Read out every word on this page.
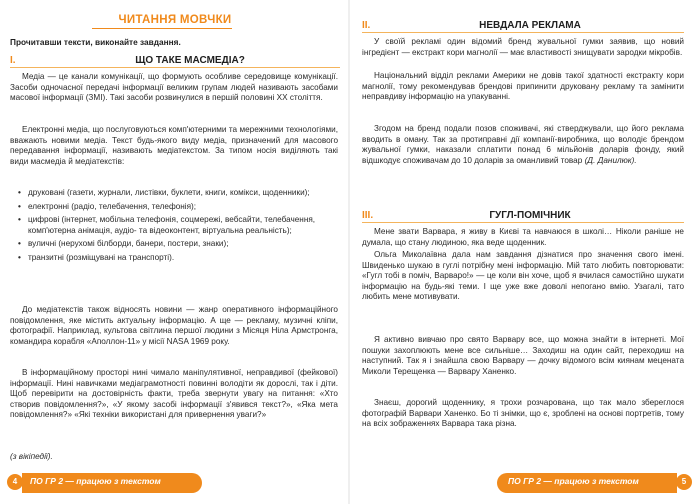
ЧИТАННЯ МОВЧКИ
Прочитавши тексти, виконайте завдання.
I.	ЩО ТАКЕ МАСМЕДІА?

Медіа — це канали комунікації, що формують особливе середовище комунікації. Засоби одночасної передачі інформації великим групам людей називають засобами масової інформації (ЗМІ). Такі засоби розвинулися в першій половині XX століття.

Електронні медіа, що послуговуються комп'ютерними та мережними технологіями, вважають новими медіа. Текст будь-якого виду медіа, призначений для масового передавання інформації, називають медіатекстом. За типом носія виділяють такі види масмедіа й медіатекстів:

• друковані (газети, журнали, листівки, буклети, книги, комікси, щоденники);
• електронні (радіо, телебачення, телефонія);
• цифрові (інтернет, мобільна телефонія, соцмережі, вебсайти, телебачення, комп'ютерна анімація, аудіо- та відеоконтент, віртуальна реальність);
• вуличні (нерухомі білборди, банери, постери, знаки);
• транзитні (розміщувані на транспорті).

До медіатекстів також відносять новини — жанр оперативного інформаційного повідомлення, яке містить актуальну інформацію. А ще — рекламу, музичні кліпи, фотографії. Наприклад, культова світлина першої людини з Місяця Ніла Армстронга, командира корабля «Аполлон-11» у місії NASA 1969 року.

В інформаційному просторі нині чимало маніпулятивної, неправдивої (фейкової) інформації. Нині навичками медіаграмотності повинні володіти як дорослі, так і діти. Щоб перевірити на достовірність факти, треба звернути увагу на питання: «Хто створив повідомлення?», «У якому засобі інформації з'явився текст?», «Яка мета повідомлення?» «Які техніки використані для привернення уваги?»

(з вікіпедії).

II.	НЕВДАЛА РЕКЛАМА

У своїй рекламі один відомий бренд жувальної гумки заявив, що новий інгредієнт — екстракт кори магнолії — має властивості знищувати зародки мікробів.

Національний відділ реклами Америки не довів такої здатності екстракту кори магнолії, тому рекомендував брендові припинити друковану рекламу та замінити неправдиву інформацію на упакуванні.

Згодом на бренд подали позов споживачі, які стверджували, що його реклама вводить в оману. Так за протиправні дії компанії-виробника, що володіє брендом жувальної гумки, наказали сплатити понад 6 мільйонів доларів фонду, який відшкодує споживачам до 10 доларів за оманливий товар (Д. Данилюк).

III.	ГУГЛ-ПОМІЧНИК

Мене звати Варвара, я живу в Києві та навчаюся в школі… Ніколи раніше не думала, що стану людиною, яка веде щоденник.

Ольга Миколаївна дала нам завдання дізнатися про значення свого імені. Швиденько шукаю в гуглі потрібну мені інформацію. Мій тато любить повторювати: «Гугл тобі в поміч, Варваро!» — це коли він хоче, щоб я вчилася самостійно шукати інформацію на будь-які теми. І ще уже вже доволі непогано вмію. Узагалі, тато любить мене мотивувати.

Я активно вивчаю про свято Варвару все, що можна знайти в інтернеті. Мої пошуки захоплюють мене все сильніше… Заходиш на один сайт, переходиш на наступний. Так я і знайшла свою Варвару — дочку відомого всім киянам мецената Миколи Терещенка — Варвару Ханенко.

Знаєш, дорогий щоденнику, я трохи розчарована, що так мало збереглося фотографій Варвари Ханенко. Бо ті знімки, що є, зроблені на основі портретів, тому на всіх зображеннях Варвара така різна.

4	ПО ГР 2 — працюю з текстом	5
ПО ГР 2 — працюю з текстом
